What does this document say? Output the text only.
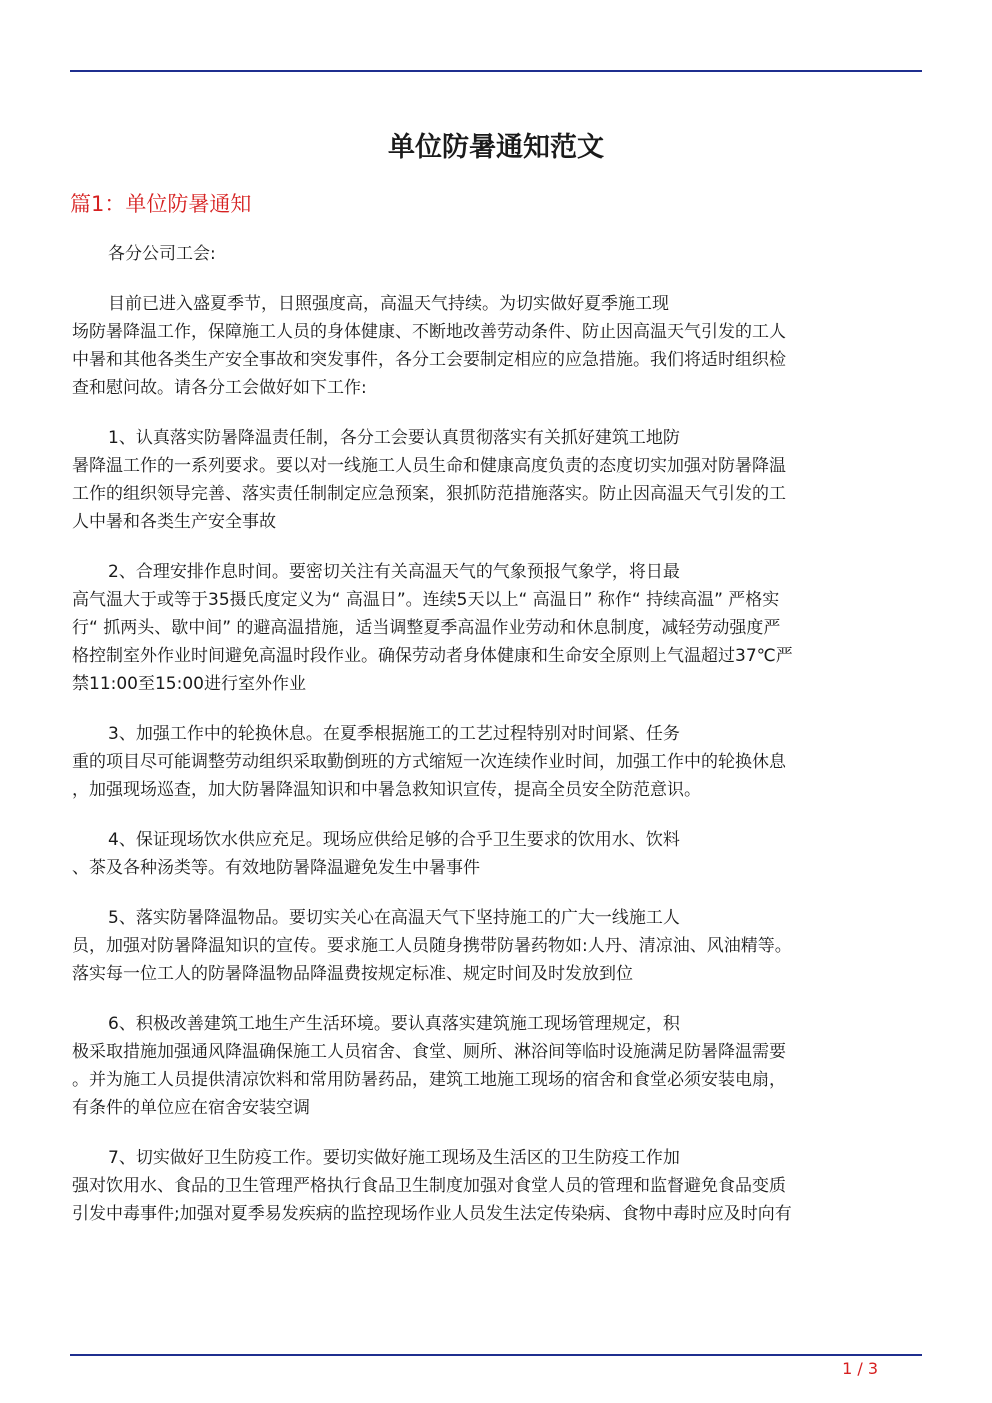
单位防暑通知范文
篇1：单位防暑通知

各分公司工会:

目前已进入盛夏季节，日照强度高，高温天气持续。为切实做好夏季施工现
场防暑降温工作，保障施工人员的身体健康、不断地改善劳动条件、防止因高温天气引发的工人
中暑和其他各类生产安全事故和突发事件，各分工会要制定相应的应急措施。我们将适时组织检
查和慰问故。请各分工会做好如下工作:

1、认真落实防暑降温责任制，各分工会要认真贯彻落实有关抓好建筑工地防
暑降温工作的一系列要求。要以对一线施工人员生命和健康高度负责的态度切实加强对防暑降温
工作的组织领导完善、落实责任制制定应急预案，狠抓防范措施落实。防止因高温天气引发的工
人中暑和各类生产安全事故

2、合理安排作息时间。要密切关注有关高温天气的气象预报气象学，将日最
高气温大于或等于35摄氏度定义为“ 高温日”。连续5天以上“ 高温日” 称作“ 持续高温” 严格实
行“ 抓两头、歇中间” 的避高温措施，适当调整夏季高温作业劳动和休息制度，减轻劳动强度严
格控制室外作业时间避免高温时段作业。确保劳动者身体健康和生命安全原则上气温超过37℃严
禁11:00至15:00进行室外作业

3、加强工作中的轮换休息。在夏季根据施工的工艺过程特别对时间紧、任务
重的项目尽可能调整劳动组织采取勤倒班的方式缩短一次连续作业时间，加强工作中的轮换休息
，加强现场巡查，加大防暑降温知识和中暑急救知识宣传，提高全员安全防范意识。

4、保证现场饮水供应充足。现场应供给足够的合乎卫生要求的饮用水、饮料
、茶及各种汤类等。有效地防暑降温避免发生中暑事件

5、落实防暑降温物品。要切实关心在高温天气下坚持施工的广大一线施工人
员，加强对防暑降温知识的宣传。要求施工人员随身携带防暑药物如:人丹、清凉油、风油精等。
落实每一位工人的防暑降温物品降温费按规定标准、规定时间及时发放到位

6、积极改善建筑工地生产生活环境。要认真落实建筑施工现场管理规定，积
极采取措施加强通风降温确保施工人员宿舍、食堂、厕所、淋浴间等临时设施满足防暑降温需要
。并为施工人员提供清凉饮料和常用防暑药品，建筑工地施工现场的宿舍和食堂必须安装电扇，
有条件的单位应在宿舍安装空调

7、切实做好卫生防疫工作。要切实做好施工现场及生活区的卫生防疫工作加
强对饮用水、食品的卫生管理严格执行食品卫生制度加强对食堂人员的管理和监督避免食品变质
引发中毒事件;加强对夏季易发疾病的监控现场作业人员发生法定传染病、食物中毒时应及时向有

1 / 3
